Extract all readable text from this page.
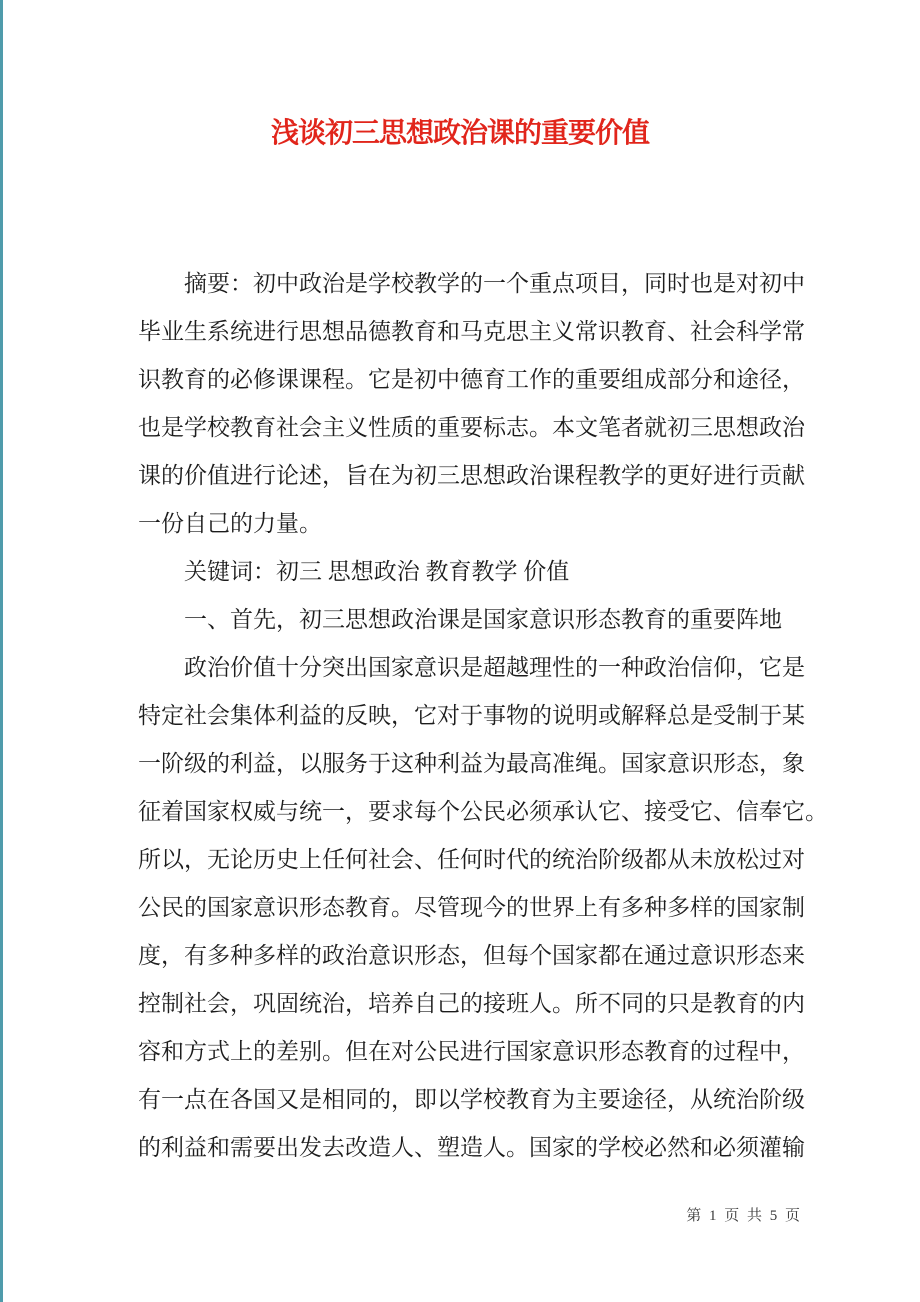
浅谈初三思想政治课的重要价值
摘要：初中政治是学校教学的一个重点项目，同时也是对初中
毕业生系统进行思想品德教育和马克思主义常识教育、社会科学常
识教育的必修课课程。它是初中德育工作的重要组成部分和途径，
也是学校教育社会主义性质的重要标志。本文笔者就初三思想政治
课的价值进行论述，旨在为初三思想政治课程教学的更好进行贡献
一份自己的力量。
关键词：初三 思想政治 教育教学 价值
一、首先，初三思想政治课是国家意识形态教育的重要阵地
政治价值十分突出国家意识是超越理性的一种政治信仰，它是
特定社会集体利益的反映，它对于事物的说明或解释总是受制于某
一阶级的利益，以服务于这种利益为最高准绳。国家意识形态，象
征着国家权威与统一，要求每个公民必须承认它、接受它、信奉它。
所以，无论历史上任何社会、任何时代的统治阶级都从未放松过对
公民的国家意识形态教育。尽管现今的世界上有多种多样的国家制
度，有多种多样的政治意识形态，但每个国家都在通过意识形态来
控制社会，巩固统治，培养自己的接班人。所不同的只是教育的内
容和方式上的差别。但在对公民进行国家意识形态教育的过程中，
有一点在各国又是相同的，即以学校教育为主要途径，从统治阶级
的利益和需要出发去改造人、塑造人。国家的学校必然和必须灌输
第 1 页 共 5 页
